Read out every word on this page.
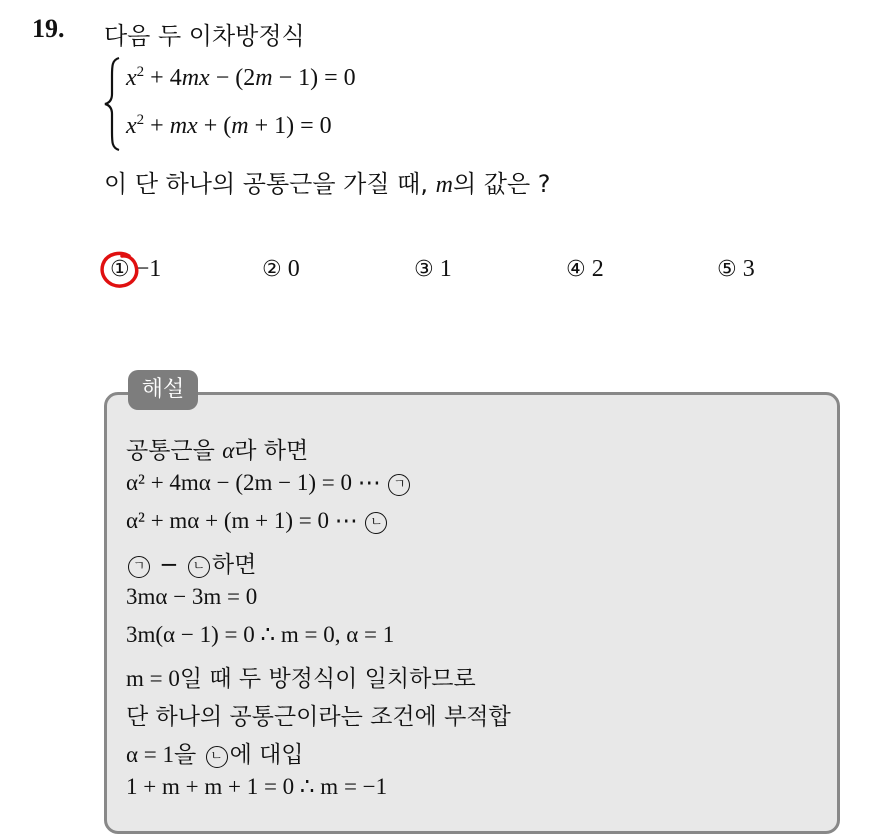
19. 다음 두 이차방정식
$x^2 + 4mx - (2m - 1) = 0$
$x^2$ + mx + (m + 1) = 0
이 단 하나의 공통근을 가질 때, m의 값은 ?
① −1	② 0	③ 1	④ 2	⑤ 3
해설
공통근을 α라 하면
α² + 4mα − (2m − 1) = 0 ⋯ ㄱ
α² + mα + (m + 1) = 0 ⋯ ㄴ
ㄱ − ㄴ 하면
3mα − 3m = 0
3m(α − 1) = 0 ∴ m = 0, α = 1
m = 0일 때 두 방정식이 일치하므로
단 하나의 공통근이라는 조건에 부적합
α = 1을 ㄴ 에 대입
1 + m + m + 1 = 0 ∴ m = −1
